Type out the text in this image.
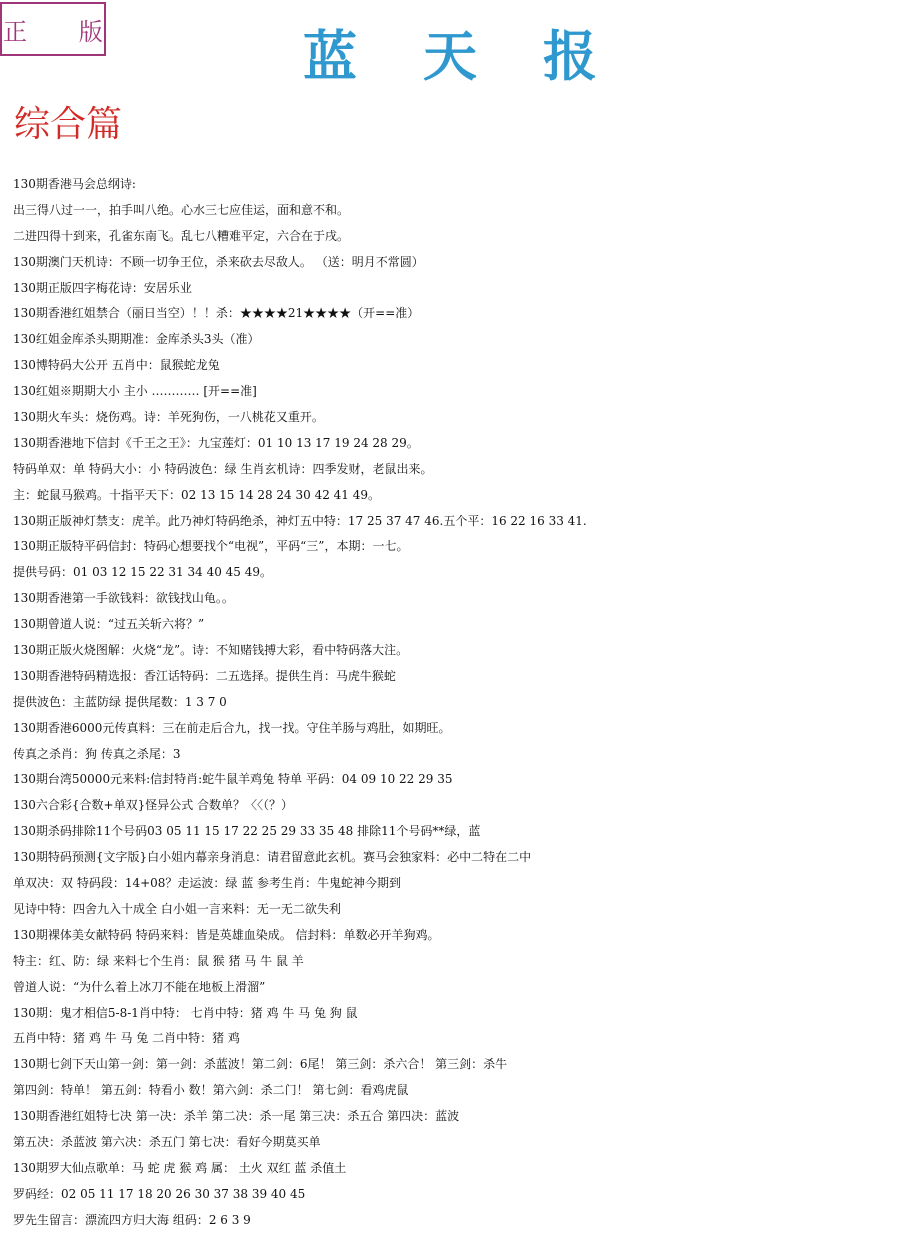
正 版	蓝天报
综合篇
130期香港马会总纲诗:
出三得八过一一，拍手叫八绝。心水三七应佳运，面和意不和。
二进四得十到来，孔雀东南飞。乱七八糟难平定，六合在于戌。
130期澳门天机诗：不顾一切争王位，杀来砍去尽敌人。 （送：明月不常圆）
130期正版四字梅花诗：安居乐业
130期香港红姐禁合（丽日当空）！！杀：★★★★21★★★★（开==准）
130红姐金库杀头期期准：金库杀头3头（准）
130博特码大公开 五肖中：鼠猴蛇龙兔
130红姐※期期大小 主小 ………… [开==准]
130期火车头：烧伤鸡。诗：羊死狗伤，一八桃花又重开。
130期香港地下信封《千王之王》：九宝莲灯：01 10 13 17 19 24 28 29。
特码单双：单 特码大小：小 特码波色：绿 生肖玄机诗：四季发财，老鼠出来。
主：蛇鼠马猴鸡。十指平天下：02 13 15 14 28 24 30 42 41 49。
130期正版神灯禁支：虎羊。此乃神灯特码绝杀，神灯五中特：17 25 37 47 46.五个平：16 22 16 33 41.
130期正版特平码信封：特码心想要找个“电视”，平码“三”，本期：一七。
提供号码：01 03 12 15 22 31 34 40 45 49。
130期香港第一手欲钱料：欲钱找山龟。。
130期曾道人说：“过五关斩六将？”
130期正版火烧图解：火烧“龙”。诗：不知赌钱搏大彩，看中特码落大注。
130期香港特码精选报：香江话特码：二五选择。提供生肖：马虎牛猴蛇
提供波色：主蓝防绿 提供尾数：1 3 7 0
130期香港6000元传真料：三在前走后合九，找一找。守住羊肠与鸡肚，如期旺。
传真之杀肖：狗 传真之杀尾：3
130期台湾50000元来料:信封特肖:蛇牛鼠羊鸡兔 特单 平码：04 09 10 22 29 35
130六合彩{合数+单双}怪异公式 合数单？〈〈（？）
130期杀码排除11个号码03 05 11 15 17 22 25 29 33 35 48 排除11个号码**绿，蓝
130期特码预测{文字版}白小姐内幕亲身消息：请君留意此玄机。赛马会独家料：必中二特在二中
单双决：双 特码段：14+08？走运波：绿 蓝 参考生肖：牛鬼蛇神今期到
见诗中特：四舍九入十成全 白小姐一言来料：无一无二欲失利
130期裸体美女献特码 特码来料：皆是英雄血染成。 信封料：单数必开羊狗鸡。
特主：红、防：绿 来料七个生肖：鼠 猴 猪 马 牛 鼠 羊
曾道人说：“为什么着上冰刀不能在地板上滑溜”
130期：鬼才相信5-8-1肖中特： 七肖中特：猪 鸡 牛 马 兔 狗 鼠
五肖中特：猪 鸡 牛 马 兔 二肖中特：猪 鸡
130期七剑下天山第一剑：第一剑：杀蓝波！第二剑：6尾！ 第三剑：杀六合！ 第三剑：杀牛
第四剑：特单！ 第五剑：特看小 数！第六剑：杀二门！ 第七剑：看鸡虎鼠
130期香港红姐特七决 第一决：杀羊 第二决：杀一尾 第三决：杀五合 第四决：蓝波
第五决：杀蓝波 第六决：杀五门 第七决：看好今期莫买单
130期罗大仙点歌单：马 蛇 虎 猴 鸡 属： 土火 双红 蓝 杀值土
罗码经：02 05 11 17 18 20 26 30 37 38 39 40 45
罗先生留言：漂流四方归大海 组码：2 6 3 9
